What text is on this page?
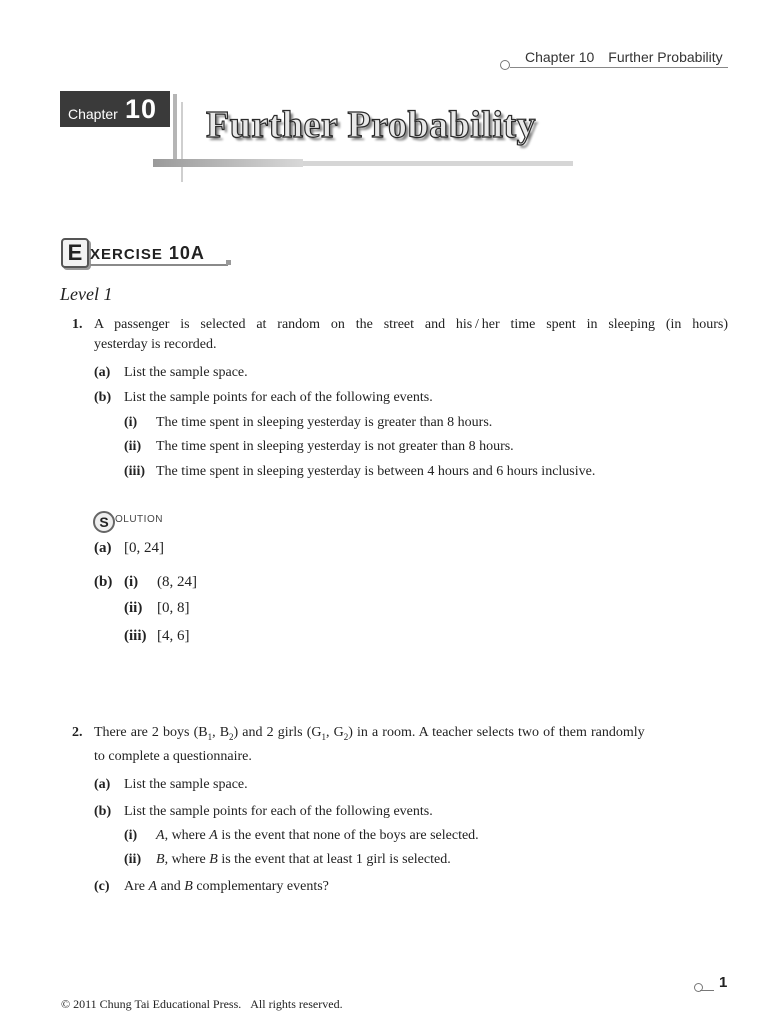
Chapter 10 Further Probability
Chapter 10 Further Probability
E XERCISE 10A
Level 1
1. A passenger is selected at random on the street and his / her time spent in sleeping (in hours)
yesterday is recorded.
(a) List the sample space.
(b) List the sample points for each of the following events.
(i) The time spent in sleeping yesterday is greater than 8 hours.
(ii) The time spent in sleeping yesterday is not greater than 8 hours.
(iii) The time spent in sleeping yesterday is between 4 hours and 6 hours inclusive.
S OLUTION
(a) [0, 24]
(b) (i) (8, 24]
(ii) [0, 8]
(iii) [4, 6]
2. There are 2 boys ($B_1$, $B_2$) and 2 girls ($G_1$, $G_2$) in a room. A teacher selects two of them randomly
to complete a questionnaire.
(a) List the sample space.
(b) List the sample points for each of the following events.
(i) A, where A is the event that none of the boys are selected.
(ii) B, where B is the event that at least 1 girl is selected.
(c) Are A and B complementary events?
1
© 2011 Chung Tai Educational Press.   All rights reserved.
